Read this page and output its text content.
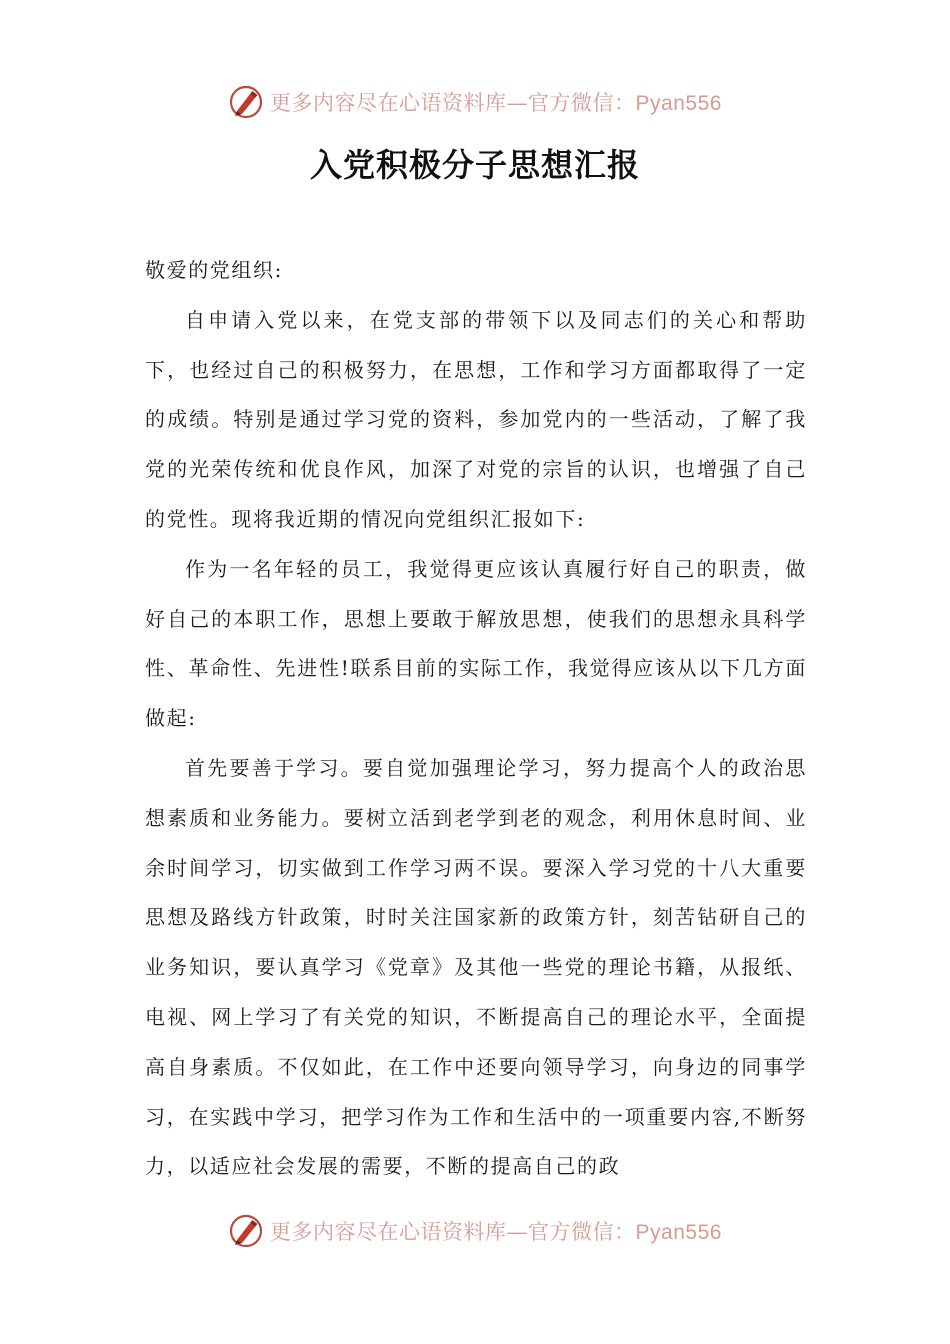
更多内容尽在心语资料库—官方微信：Pyan556
入党积极分子思想汇报

敬爱的党组织:

自申请入党以来，在党支部的带领下以及同志们的关心和帮助下，也经过自己的积极努力，在思想，工作和学习方面都取得了一定的成绩。特别是通过学习党的资料，参加党内的一些活动，了解了我党的光荣传统和优良作风，加深了对党的宗旨的认识，也增强了自己的党性。现将我近期的情况向党组织汇报如下:

作为一名年轻的员工，我觉得更应该认真履行好自己的职责，做好自己的本职工作，思想上要敢于解放思想，使我们的思想永具科学性、革命性、先进性!联系目前的实际工作，我觉得应该从以下几方面做起:

首先要善于学习。要自觉加强理论学习，努力提高个人的政治思想素质和业务能力。要树立活到老学到老的观念，利用休息时间、业余时间学习，切实做到工作学习两不误。要深入学习党的十八大重要思想及路线方针政策，时时关注国家新的政策方针，刻苦钻研自己的业务知识，要认真学习《党章》及其他一些党的理论书籍，从报纸、电视、网上学习了有关党的知识，不断提高自己的理论水平，全面提高自身素质。不仅如此，在工作中还要向领导学习，向身边的同事学习，在实践中学习，把学习作为工作和生活中的一项重要内容,不断努力，以适应社会发展的需要，不断的提高自己的政

更多内容尽在心语资料库—官方微信：Pyan556
